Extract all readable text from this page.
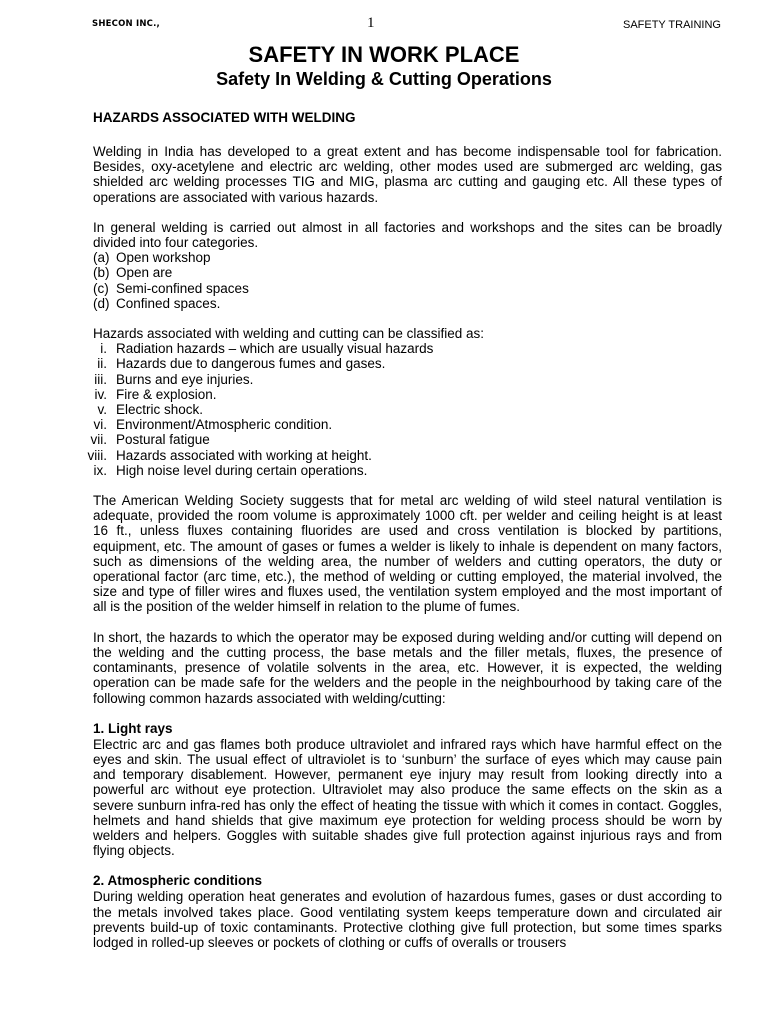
SHECON INC.,	1	SAFETY TRAINING
SAFETY IN WORK PLACE
Safety In Welding & Cutting Operations
HAZARDS ASSOCIATED WITH WELDING

Welding in India has developed to a great extent and has become indispensable tool for fabrication. Besides, oxy-acetylene and electric arc welding, other modes used are submerged arc welding, gas shielded arc welding processes TIG and MIG, plasma arc cutting and gauging etc. All these types of operations are associated with various hazards.

In general welding is carried out almost in all factories and workshops and the sites can be broadly divided into four categories.

(a) Open workshop
(b) Open are
(c) Semi-confined spaces
(d) Confined spaces.

Hazards associated with welding and cutting can be classified as:

i. Radiation hazards – which are usually visual hazards
ii. Hazards due to dangerous fumes and gases.
iii. Burns and eye injuries.
iv. Fire & explosion.
v. Electric shock.
vi. Environment/Atmospheric condition.
vii. Postural fatigue
viii. Hazards associated with working at height.
ix. High noise level during certain operations.

The American Welding Society suggests that for metal arc welding of wild steel natural ventilation is adequate, provided the room volume is approximately 1000 cft. per welder and ceiling height is at least 16 ft., unless fluxes containing fluorides are used and cross ventilation is blocked by partitions, equipment, etc. The amount of gases or fumes a welder is likely to inhale is dependent on many factors, such as dimensions of the welding area, the number of welders and cutting operators, the duty or operational factor (arc time, etc.), the method of welding or cutting employed, the material involved, the size and type of filler wires and fluxes used, the ventilation system employed and the most important of all is the position of the welder himself in relation to the plume of fumes.

In short, the hazards to which the operator may be exposed during welding and/or cutting will depend on the welding and the cutting process, the base metals and the filler metals, fluxes, the presence of contaminants, presence of volatile solvents in the area, etc. However, it is expected, the welding operation can be made safe for the welders and the people in the neighbourhood by taking care of the following common hazards associated with welding/cutting:

1. Light rays

Electric arc and gas flames both produce ultraviolet and infrared rays which have harmful effect on the eyes and skin. The usual effect of ultraviolet is to ‘sunburn’ the surface of eyes which may cause pain and temporary disablement. However, permanent eye injury may result from looking directly into a powerful arc without eye protection. Ultraviolet may also produce the same effects on the skin as a severe sunburn infra-red has only the effect of heating the tissue with which it comes in contact. Goggles, helmets and hand shields that give maximum eye protection for welding process should be worn by welders and helpers. Goggles with suitable shades give full protection against injurious rays and from flying objects.

2. Atmospheric conditions

During welding operation heat generates and evolution of hazardous fumes, gases or dust according to the metals involved takes place. Good ventilating system keeps temperature down and circulated air prevents build-up of toxic contaminants. Protective clothing give full protection, but some times sparks lodged in rolled-up sleeves or pockets of clothing or cuffs of overalls or trousers
